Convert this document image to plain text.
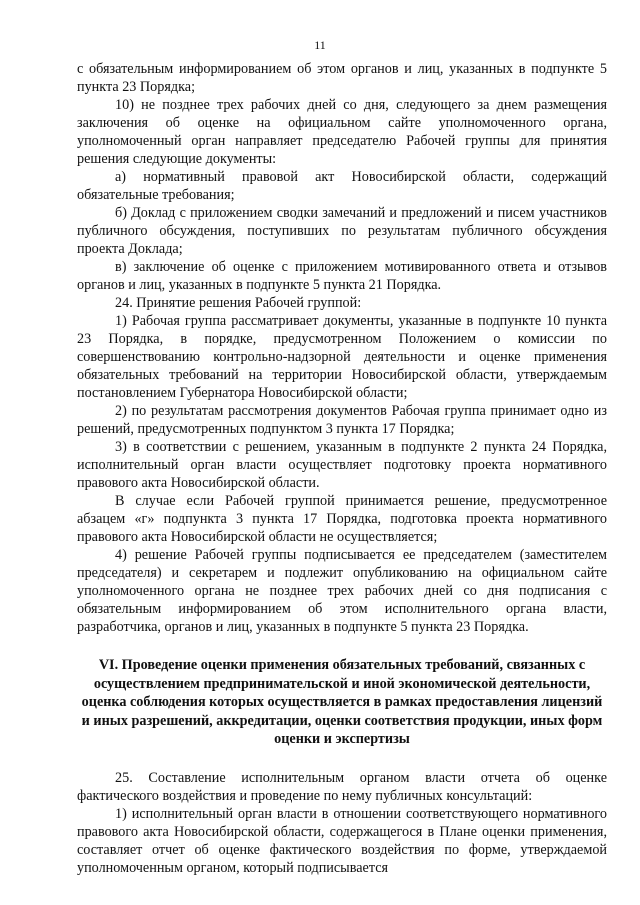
11

с обязательным информированием об этом органов и лиц, указанных в подпункте 5 пункта 23 Порядка;

10) не позднее трех рабочих дней со дня, следующего за днем размещения заключения об оценке на официальном сайте уполномоченного органа, уполномоченный орган направляет председателю Рабочей группы для принятия решения следующие документы:

а) нормативный правовой акт Новосибирской области, содержащий обязательные требования;

б) Доклад с приложением сводки замечаний и предложений и писем участников публичного обсуждения, поступивших по результатам публичного обсуждения проекта Доклада;

в) заключение об оценке с приложением мотивированного ответа и отзывов органов и лиц, указанных в подпункте 5 пункта 21 Порядка.

24. Принятие решения Рабочей группой:

1) Рабочая группа рассматривает документы, указанные в подпункте 10 пункта 23 Порядка, в порядке, предусмотренном Положением о комиссии по совершенствованию контрольно-надзорной деятельности и оценке применения обязательных требований на территории Новосибирской области, утверждаемым постановлением Губернатора Новосибирской области;

2) по результатам рассмотрения документов Рабочая группа принимает одно из решений, предусмотренных подпунктом 3 пункта 17 Порядка;

3) в соответствии с решением, указанным в подпункте 2 пункта 24 Порядка, исполнительный орган власти осуществляет подготовку проекта нормативного правового акта Новосибирской области.

В случае если Рабочей группой принимается решение, предусмотренное абзацем «г» подпункта 3 пункта 17 Порядка, подготовка проекта нормативного правового акта Новосибирской области не осуществляется;

4) решение Рабочей группы подписывается ее председателем (заместителем председателя) и секретарем и подлежит опубликованию на официальном сайте уполномоченного органа не позднее трех рабочих дней со дня подписания с обязательным информированием об этом исполнительного органа власти, разработчика, органов и лиц, указанных в подпункте 5 пункта 23 Порядка.

VI. Проведение оценки применения обязательных требований, связанных с осуществлением предпринимательской и иной экономической деятельности, оценка соблюдения которых осуществляется в рамках предоставления лицензий и иных разрешений, аккредитации, оценки соответствия продукции, иных форм оценки и экспертизы

25. Составление исполнительным органом власти отчета об оценке фактического воздействия и проведение по нему публичных консультаций:

1) исполнительный орган власти в отношении соответствующего нормативного правового акта Новосибирской области, содержащегося в Плане оценки применения, составляет отчет об оценке фактического воздействия по форме, утверждаемой уполномоченным органом, который подписывается
